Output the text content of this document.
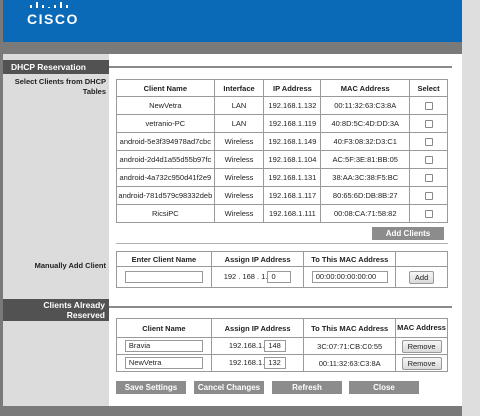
CISCO
DHCP Reservation
Select Clients from DHCP Tables	Client Name	Interface	IP Address	MAC Address	Select
NewVetra	LAN	192.168.1.132	00:11:32:63:C3:8A	
vetranio-PC	LAN	192.168.1.119	40:8D:5C:4D:DD:3A	
android-5e3f394978ad7cbc	Wireless	192.168.1.149	40:F3:08:32:D3:C1	
android-2d4d1a55d55b97fc	Wireless	192.168.1.104	AC:5F:3E:81:BB:05	
android-4a732c950d41f2e9	Wireless	192.168.1.131	38:AA:3C:38:F5:BC	
android-781d579c98332deb	Wireless	192.168.1.117	80:65:6D:DB:8B:27	
RicsiPC	Wireless	192.168.1.111	00:08:CA:71:58:82	
Add Clients
Manually Add Client
Enter Client Name	Assign IP Address	To This MAC Address	
	192 . 168 . 1. 0	00:00:00:00:00:00	Add
Clients Already Reserved
Client Name	Assign IP Address	To This MAC Address	MAC Address
Bravia	192.168.1. 148	3C:07:71:CB:C0:55	Remove
NewVetra	192.168.1. 132	00:11:32:63:C3:8A	Remove
Save Settings	Cancel Changes	Refresh	Close
